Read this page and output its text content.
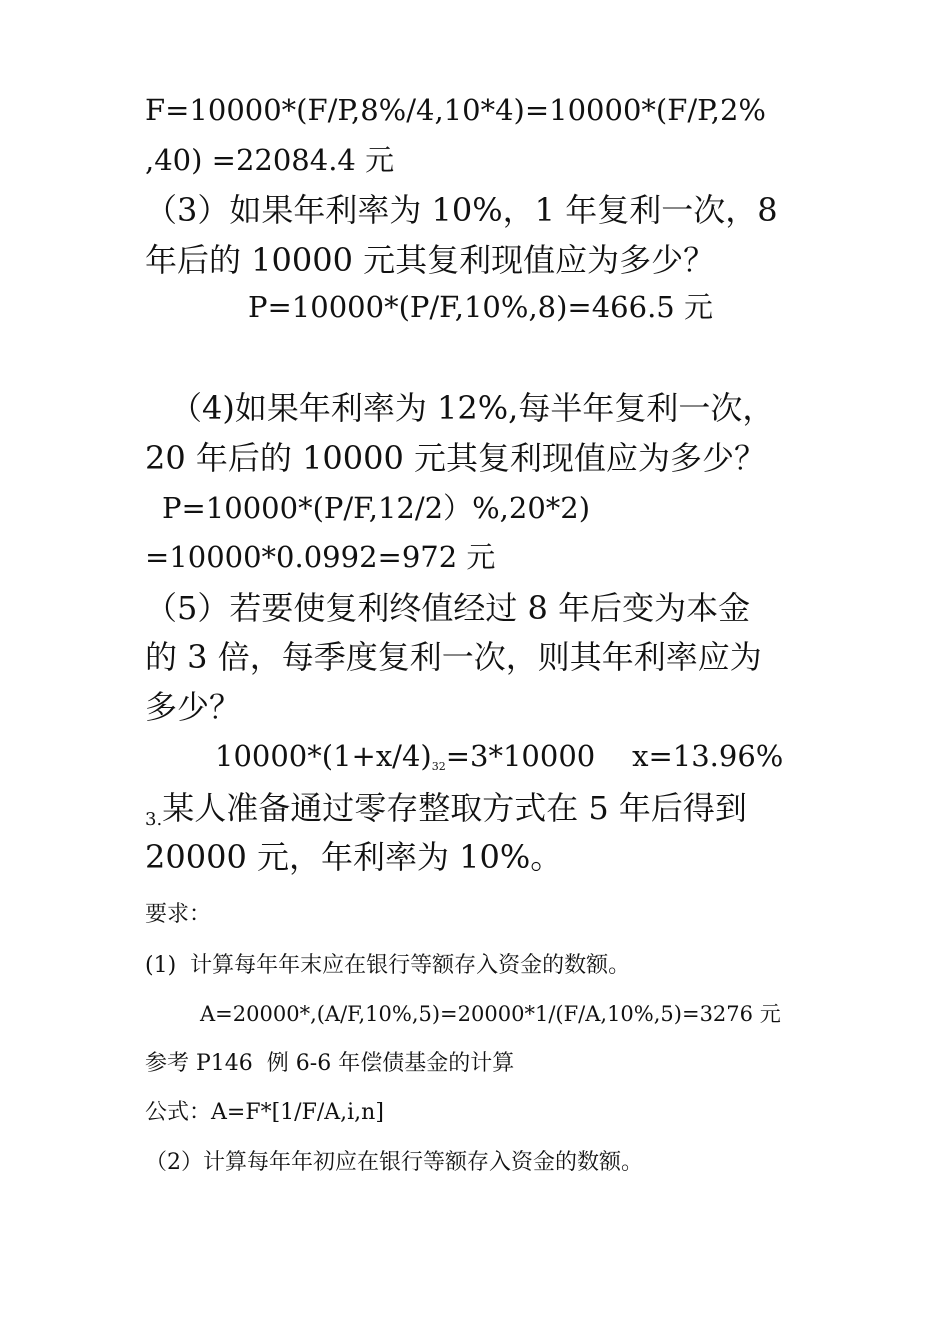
F=10000*(F/P,8%/4,10*4)=10000*(F/P,2%
,40) =22084.4 元
（3）如果年利率为 10%，1 年复利一次，8
年后的 10000 元其复利现值应为多少？
P=10000*(P/F,10%,8)=466.5 元
（4)如果年利率为 12%,每半年复利一次，
20 年后的 10000 元其复利现值应为多少？
P=10000*(P/F,12/2）%,20*2)
=10000*0.0992=972 元
（5）若要使复利终值经过 8 年后变为本金
的 3 倍，每季度复利一次，则其年利率应为
多少？
$10000*(1+x/4)_{32}=3*10000$    x=13.96%
3.某人准备通过零存整取方式在 5 年后得到
20000 元，年利率为 10%。
要求：
(1)  计算每年年末应在银行等额存入资金的数额。
A=20000*,(A/F,10%,5)=20000*1/(F/A,10%,5)=3276 元
参考 P146  例 6-6 年偿债基金的计算
公式：A=F*[1/F/A,i,n]
（2）计算每年年初应在银行等额存入资金的数额。
